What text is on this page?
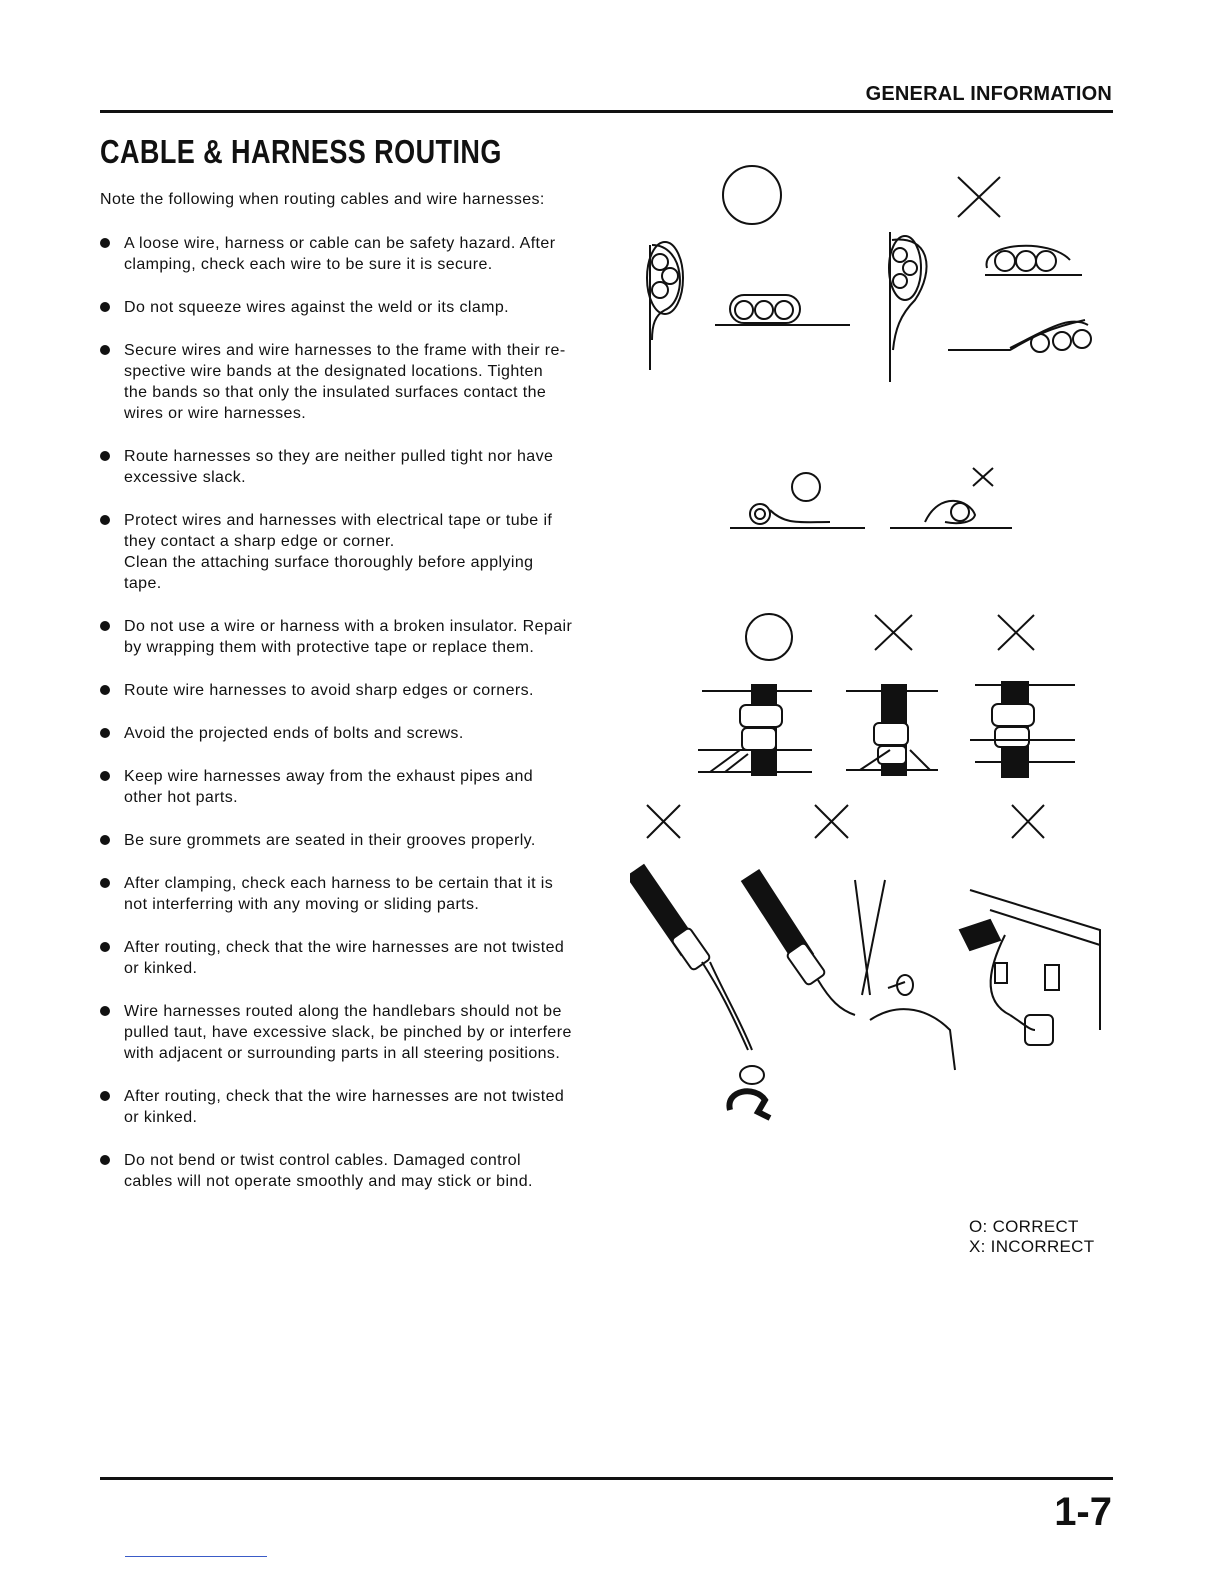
GENERAL INFORMATION
CABLE & HARNESS ROUTING
Note the following when routing cables and wire harnesses:
A loose wire, harness or cable can be safety hazard. After
clamping, check each wire to be sure it is secure.
Do not squeeze wires against the weld or its clamp.
Secure wires and wire harnesses to the frame with their re-
spective wire bands at the designated locations. Tighten
the bands so that only the insulated surfaces contact the
wires or wire harnesses.
Route harnesses so they are neither pulled tight nor have
excessive slack.
Protect wires and harnesses with electrical tape or tube if
they contact a sharp edge or corner.
Clean the attaching surface thoroughly before applying
tape.
Do not use a wire or harness with a broken insulator. Repair
by wrapping them with protective tape or replace them.
Route wire harnesses to avoid sharp edges or corners.
Avoid the projected ends of bolts and screws.
Keep wire harnesses away from the exhaust pipes and
other hot parts.
Be sure grommets are seated in their grooves properly.
After clamping, check each harness to be certain that it is
not interferring with any moving or sliding parts.
After routing, check that the wire harnesses are not twisted
or kinked.
Wire harnesses routed along the handlebars should not be
pulled taut, have excessive slack, be pinched by or interfere
with adjacent or surrounding parts in all steering positions.
After routing, check that the wire harnesses are not twisted
or kinked.
Do not bend or twist control cables. Damaged control
cables will not operate smoothly and may stick or bind.
O: CORRECT
X: INCORRECT
1-7
